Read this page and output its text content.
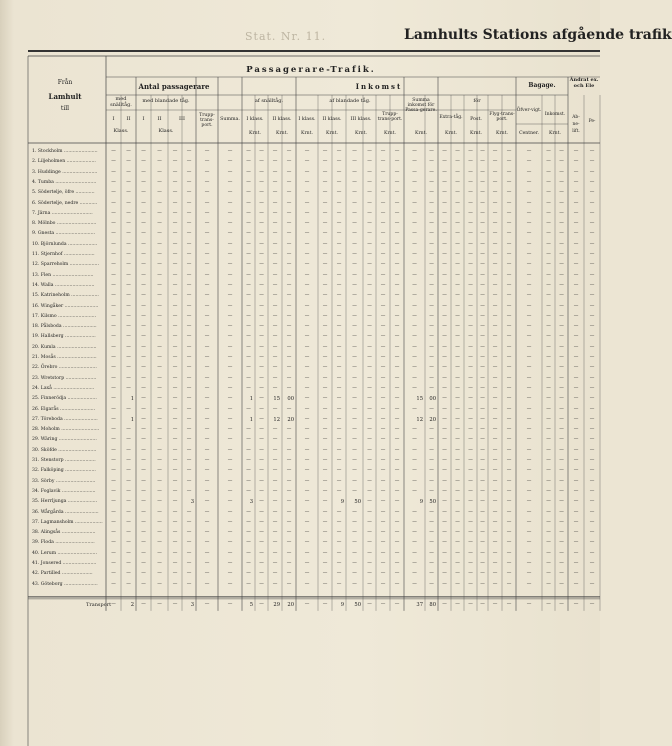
Stat. Nr. 11.	Lamhults Stations afgående trafik
Från
Lamhult
till
Passagerare-Trafik.
Antal passagerare	Inkomst	Bagage.
Ändrat ex.
och Ele
med snälltåg.
med blandade tåg.
Trupp-trans-port.
Summa.
I	II	I	II	III
Klass.	Klass.
af snälltåg.	af blandade tåg.	Summa inkomst för Passa-gerare.
för
I klass.	II klass.	I klass.	II klass.	III klass.
Trupp-trans-port.	Extra-tåg.	Post.
Flyg-trans-port.
Öfver-vigt.
Inkomst.
Centner.
Ab-
ne-
lift.
Pe-
Krnt.	Krnt.	Krnt.	Krnt.	Krnt.	Krnt.	Krnt.	Krnt.	Krnt.	Krnt.	Krnt.
1. Stockholm .......................	—	—	—	—	—	—	—	—	—	—	—	—	—	—	—	—	—	—	—	—	—	—	—	—	—	—	—	—	—	—	—	—
2. Liljeholmen ....................	—	—	—	—	—	—	—	—	—	—	—	—	—	—	—	—	—	—	—	—	—	—	—	—	—	—	—	—	—	—	—	—
3. Huddinge ........................	—	—	—	—	—	—	—	—	—	—	—	—	—	—	—	—	—	—	—	—	—	—	—	—	—	—	—	—	—	—	—	—
4. Tumba ............................	—	—	—	—	—	—	—	—	—	—	—	—	—	—	—	—	—	—	—	—	—	—	—	—	—	—	—	—	—	—	—	—
5. Södertelje, öfre .............	—	—	—	—	—	—	—	—	—	—	—	—	—	—	—	—	—	—	—	—	—	—	—	—	—	—	—	—	—	—	—	—
6. Södertelje, nedre ............	—	—	—	—	—	—	—	—	—	—	—	—	—	—	—	—	—	—	—	—	—	—	—	—	—	—	—	—	—	—	—	—
7. Järna ............................	—	—	—	—	—	—	—	—	—	—	—	—	—	—	—	—	—	—	—	—	—	—	—	—	—	—	—	—	—	—	—	—
8. Mölnbo ...........................	—	—	—	—	—	—	—	—	—	—	—	—	—	—	—	—	—	—	—	—	—	—	—	—	—	—	—	—	—	—	—	—
9. Gnesta ...........................	—	—	—	—	—	—	—	—	—	—	—	—	—	—	—	—	—	—	—	—	—	—	—	—	—	—	—	—	—	—	—	—
10. Björnlunda ....................	—	—	—	—	—	—	—	—	—	—	—	—	—	—	—	—	—	—	—	—	—	—	—	—	—	—	—	—	—	—	—	—
11. Stjernhof .....................	—	—	—	—	—	—	—	—	—	—	—	—	—	—	—	—	—	—	—	—	—	—	—	—	—	—	—	—	—	—	—	—
12. Sparreholm ....................	—	—	—	—	—	—	—	—	—	—	—	—	—	—	—	—	—	—	—	—	—	—	—	—	—	—	—	—	—	—	—	—
13. Flen ............................	—	—	—	—	—	—	—	—	—	—	—	—	—	—	—	—	—	—	—	—	—	—	—	—	—	—	—	—	—	—	—	—
14. Walla ...........................	—	—	—	—	—	—	—	—	—	—	—	—	—	—	—	—	—	—	—	—	—	—	—	—	—	—	—	—	—	—	—	—
15. Katrineholm ...................	—	—	—	—	—	—	—	—	—	—	—	—	—	—	—	—	—	—	—	—	—	—	—	—	—	—	—	—	—	—	—	—
16. Wingåker .......................	—	—	—	—	—	—	—	—	—	—	—	—	—	—	—	—	—	—	—	—	—	—	—	—	—	—	—	—	—	—	—	—
17. Kilsmo ..........................	—	—	—	—	—	—	—	—	—	—	—	—	—	—	—	—	—	—	—	—	—	—	—	—	—	—	—	—	—	—	—	—
18. Pålsboda .......................	—	—	—	—	—	—	—	—	—	—	—	—	—	—	—	—	—	—	—	—	—	—	—	—	—	—	—	—	—	—	—	—
19. Hallsberg .....................	—	—	—	—	—	—	—	—	—	—	—	—	—	—	—	—	—	—	—	—	—	—	—	—	—	—	—	—	—	—	—	—
20. Kumla ...........................	—	—	—	—	—	—	—	—	—	—	—	—	—	—	—	—	—	—	—	—	—	—	—	—	—	—	—	—	—	—	—	—
21. Mosås ...........................	—	—	—	—	—	—	—	—	—	—	—	—	—	—	—	—	—	—	—	—	—	—	—	—	—	—	—	—	—	—	—	—
22. Örebro ..........................	—	—	—	—	—	—	—	—	—	—	—	—	—	—	—	—	—	—	—	—	—	—	—	—	—	—	—	—	—	—	—	—
23. Wretstorp .....................	—	—	—	—	—	—	—	—	—	—	—	—	—	—	—	—	—	—	—	—	—	—	—	—	—	—	—	—	—	—	—	—
24. Laxå ............................	—	—	—	—	—	—	—	—	—	—	—	—	—	—	—	—	—	—	—	—	—	—	—	—	—	—	—	—	—	—	—	—
25. Finnerödja ....................	—	1	—	—	—	—	—	—	1	—	15	00	—	—	—	—	—	—	—	15	00	—	—	—	—	—	—	—	—	—	—	—
26. Elgarås ........................	—	—	—	—	—	—	—	—	—	—	—	—	—	—	—	—	—	—	—	—	—	—	—	—	—	—	—	—	—	—	—	—
27. Töreboda .......................	—	1	—	—	—	—	—	—	1	—	12	20	—	—	—	—	—	—	—	12	20	—	—	—	—	—	—	—	—	—	—	—
28. Moholm ..........................	—	—	—	—	—	—	—	—	—	—	—	—	—	—	—	—	—	—	—	—	—	—	—	—	—	—	—	—	—	—	—	—
29. Wäring ..........................	—	—	—	—	—	—	—	—	—	—	—	—	—	—	—	—	—	—	—	—	—	—	—	—	—	—	—	—	—	—	—	—
30. Sköfde ..........................	—	—	—	—	—	—	—	—	—	—	—	—	—	—	—	—	—	—	—	—	—	—	—	—	—	—	—	—	—	—	—	—
31. Stenstorp .....................	—	—	—	—	—	—	—	—	—	—	—	—	—	—	—	—	—	—	—	—	—	—	—	—	—	—	—	—	—	—	—	—
32. Falköping .....................	—	—	—	—	—	—	—	—	—	—	—	—	—	—	—	—	—	—	—	—	—	—	—	—	—	—	—	—	—	—	—	—
33. Sörby ...........................	—	—	—	—	—	—	—	—	—	—	—	—	—	—	—	—	—	—	—	—	—	—	—	—	—	—	—	—	—	—	—	—
34. Foglavik .......................	—	—	—	—	—	—	—	—	—	—	—	—	—	—	—	—	—	—	—	—	—	—	—	—	—	—	—	—	—	—	—	—
35. Herrljunga ....................	—	—	—	—	—	3	—	—	3	—	—	—	—	—	9	50	—	—	—	9	50	—	—	—	—	—	—	—	—	—	—	—
36. Wårgårda .......................	—	—	—	—	—	—	—	—	—	—	—	—	—	—	—	—	—	—	—	—	—	—	—	—	—	—	—	—	—	—	—	—
37. Lagmansholm ...................	—	—	—	—	—	—	—	—	—	—	—	—	—	—	—	—	—	—	—	—	—	—	—	—	—	—	—	—	—	—	—	—
38. Alingsås .......................	—	—	—	—	—	—	—	—	—	—	—	—	—	—	—	—	—	—	—	—	—	—	—	—	—	—	—	—	—	—	—	—
39. Floda ...........................	—	—	—	—	—	—	—	—	—	—	—	—	—	—	—	—	—	—	—	—	—	—	—	—	—	—	—	—	—	—	—	—
40. Lerum ...........................	—	—	—	—	—	—	—	—	—	—	—	—	—	—	—	—	—	—	—	—	—	—	—	—	—	—	—	—	—	—	—	—
41. Jonsered .......................	—	—	—	—	—	—	—	—	—	—	—	—	—	—	—	—	—	—	—	—	—	—	—	—	—	—	—	—	—	—	—	—
42. Partilled .....................	—	—	—	—	—	—	—	—	—	—	—	—	—	—	—	—	—	—	—	—	—	—	—	—	—	—	—	—	—	—	—	—
43. Göteborg .......................	—	—	—	—	—	—	—	—	—	—	—	—	—	—	—	—	—	—	—	—	—	—	—	—	—	—	—	—	—	—	—	—
Transport —	2	—	—	—	3	—	—	5	—	29	20	—	—	9	50	—	—	—	37	80	—	—	—	—	—	—	—	—	—	—	—
